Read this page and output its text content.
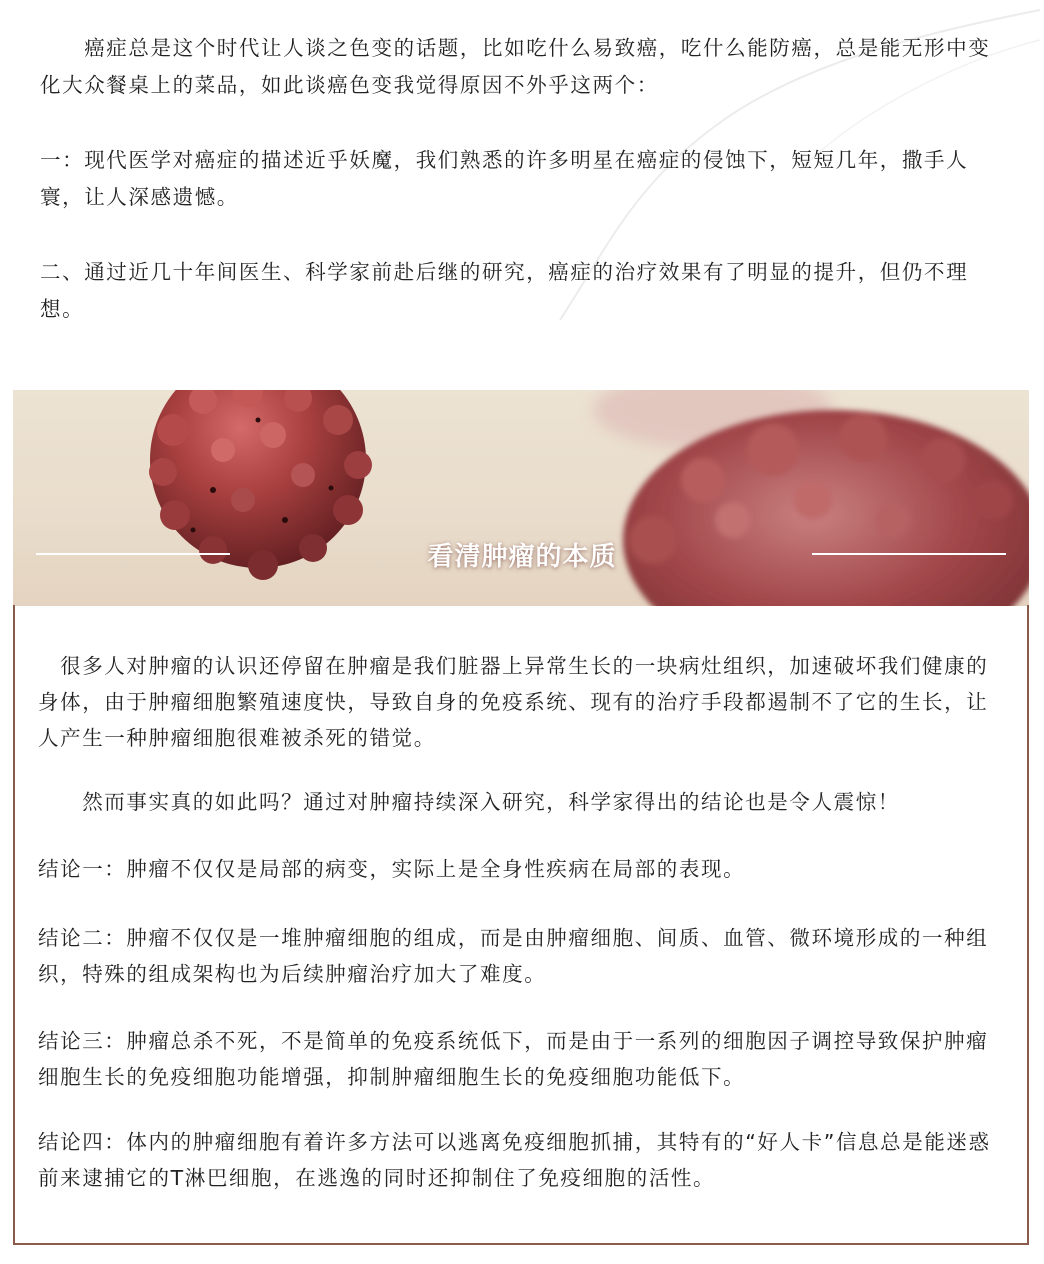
　　癌症总是这个时代让人谈之色变的话题，比如吃什么易致癌，吃什么能防癌，总是能无形中变化大众餐桌上的菜品，如此谈癌色变我觉得原因不外乎这两个：

一：现代医学对癌症的描述近乎妖魔，我们熟悉的许多明星在癌症的侵蚀下，短短几年，撒手人寰，让人深感遗憾。

二、通过近几十年间医生、科学家前赴后继的研究，癌症的治疗效果有了明显的提升，但仍不理想。

看清肿瘤的本质

　很多人对肿瘤的认识还停留在肿瘤是我们脏器上异常生长的一块病灶组织，加速破坏我们健康的身体，由于肿瘤细胞繁殖速度快，导致自身的免疫系统、现有的治疗手段都遏制不了它的生长，让人产生一种肿瘤细胞很难被杀死的错觉。

　　然而事实真的如此吗？通过对肿瘤持续深入研究，科学家得出的结论也是令人震惊！

结论一：肿瘤不仅仅是局部的病变，实际上是全身性疾病在局部的表现。

结论二：肿瘤不仅仅是一堆肿瘤细胞的组成，而是由肿瘤细胞、间质、血管、微环境形成的一种组织，特殊的组成架构也为后续肿瘤治疗加大了难度。

结论三：肿瘤总杀不死，不是简单的免疫系统低下，而是由于一系列的细胞因子调控导致保护肿瘤细胞生长的免疫细胞功能增强，抑制肿瘤细胞生长的免疫细胞功能低下。

结论四：体内的肿瘤细胞有着许多方法可以逃离免疫细胞抓捕，其特有的“好人卡”信息总是能迷惑前来逮捕它的T淋巴细胞，在逃逸的同时还抑制住了免疫细胞的活性。
